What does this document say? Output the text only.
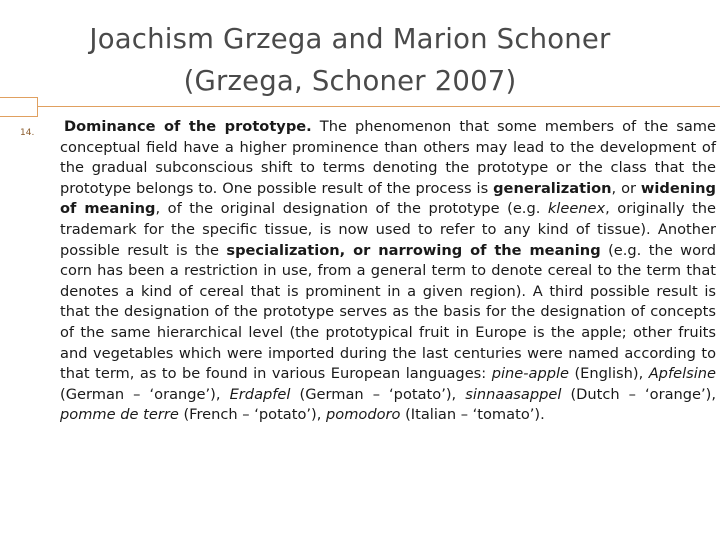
Joachism Grzega and Marion Schoner
(Grzega, Schoner 2007)
14. Dominance of the prototype. The phenomenon that some members of the same conceptual field have a higher prominence than others may lead to the development of the gradual subconscious shift to terms denoting the prototype or the class that the prototype belongs to. One possible result of the process is generalization, or widening of meaning, of the original designation of the prototype (e.g. kleenex, originally the trademark for the specific tissue, is now used to refer to any kind of tissue). Another possible result is the specialization, or narrowing of the meaning (e.g. the word corn has been a restriction in use, from a general term to denote cereal to the term that denotes a kind of cereal that is prominent in a given region). A third possible result is that the designation of the prototype serves as the basis for the designation of concepts of the same hierarchical level (the prototypical fruit in Europe is the apple; other fruits and vegetables which were imported during the last centuries were named according to that term, as to be found in various European languages: pine-apple (English), Apfelsine (German – ‘orange’), Erdapfel (German – ‘potato’), sinnaasappel (Dutch – ‘orange’), pomme de terre (French – ‘potato’), pomodoro (Italian – ‘tomato’).
